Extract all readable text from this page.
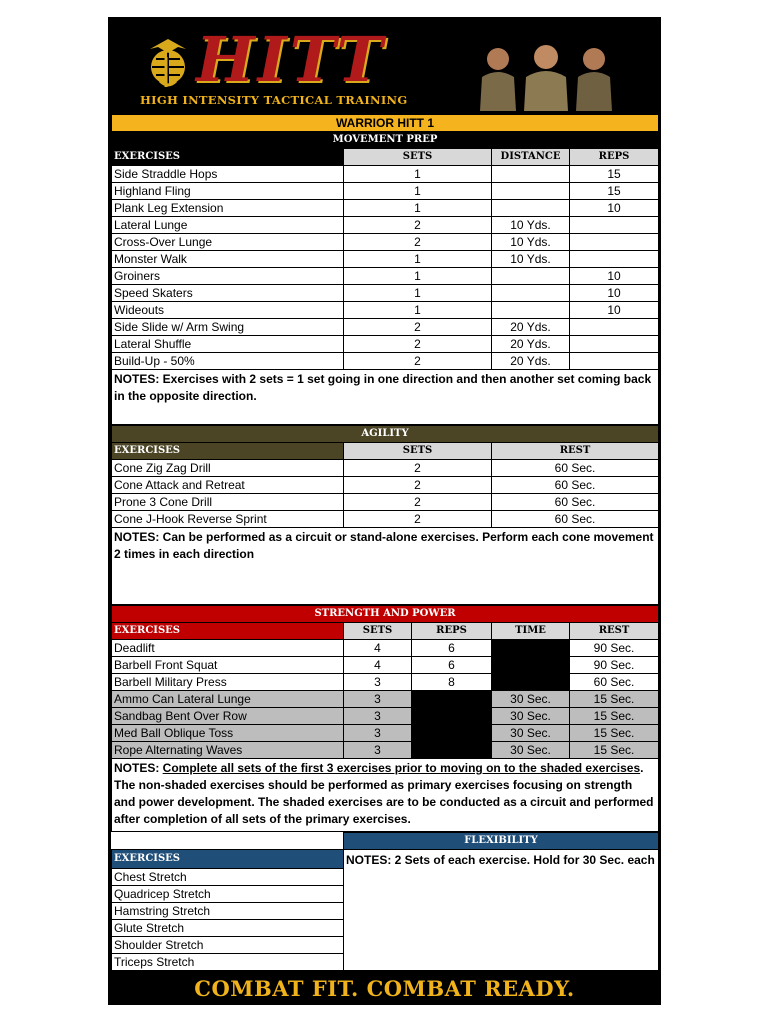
HITT
HIGH INTENSITY TACTICAL TRAINING
WARRIOR HITT 1			
MOVEMENT PREP			
EXERCISES	SETS	DISTANCE	REPS
Side Straddle Hops	1		15
Highland Fling	1		15
Plank Leg Extension	1		10
Lateral Lunge	2	10 Yds.	
Cross-Over Lunge	2	10 Yds.	
Monster Walk	1	10 Yds.	
Groiners	1		10
Speed Skaters	1		10
Wideouts	1		10
Side Slide w/ Arm Swing	2	20 Yds.	
Lateral Shuffle	2	20 Yds.	
Build-Up - 50%	2	20 Yds.	
NOTES: Exercises with 2 sets = 1 set going in one direction and then another set coming back in the opposite direction.			
AGILITY		
EXERCISES	SETS	REST
Cone Zig Zag Drill	2	60 Sec.
Cone Attack and Retreat	2	60 Sec.
Prone 3 Cone Drill	2	60 Sec.
Cone J-Hook Reverse Sprint	2	60 Sec.
NOTES: Can be performed as a circuit or stand-alone exercises. Perform each cone movement 2 times in each direction		
STRENGTH AND POWER				
EXERCISES	SETS	REPS	TIME	REST
Deadlift	4	6		90 Sec.
Barbell Front Squat	4	6		90 Sec.
Barbell Military Press	3	8		60 Sec.
Ammo Can Lateral Lunge	3		30 Sec.	15 Sec.
Sandbag Bent Over Row	3		30 Sec.	15 Sec.
Med Ball Oblique Toss	3		30 Sec.	15 Sec.
Rope Alternating Waves	3		30 Sec.	15 Sec.
NOTES: Complete all sets of the first 3 exercises prior to moving on to the shaded exercises. The non-shaded exercises should be performed as primary exercises focusing on strength and power development. The shaded exercises are to be conducted as a circuit and performed after completion of all sets of the primary exercises.				
	FLEXIBILITY
EXERCISES	NOTES: 2 Sets of each exercise. Hold for 30 Sec. each
Chest Stretch	
Quadricep Stretch	
Hamstring Stretch	
Glute Stretch	
Shoulder Stretch	
Triceps Stretch	
COMBAT FIT. COMBAT READY.
